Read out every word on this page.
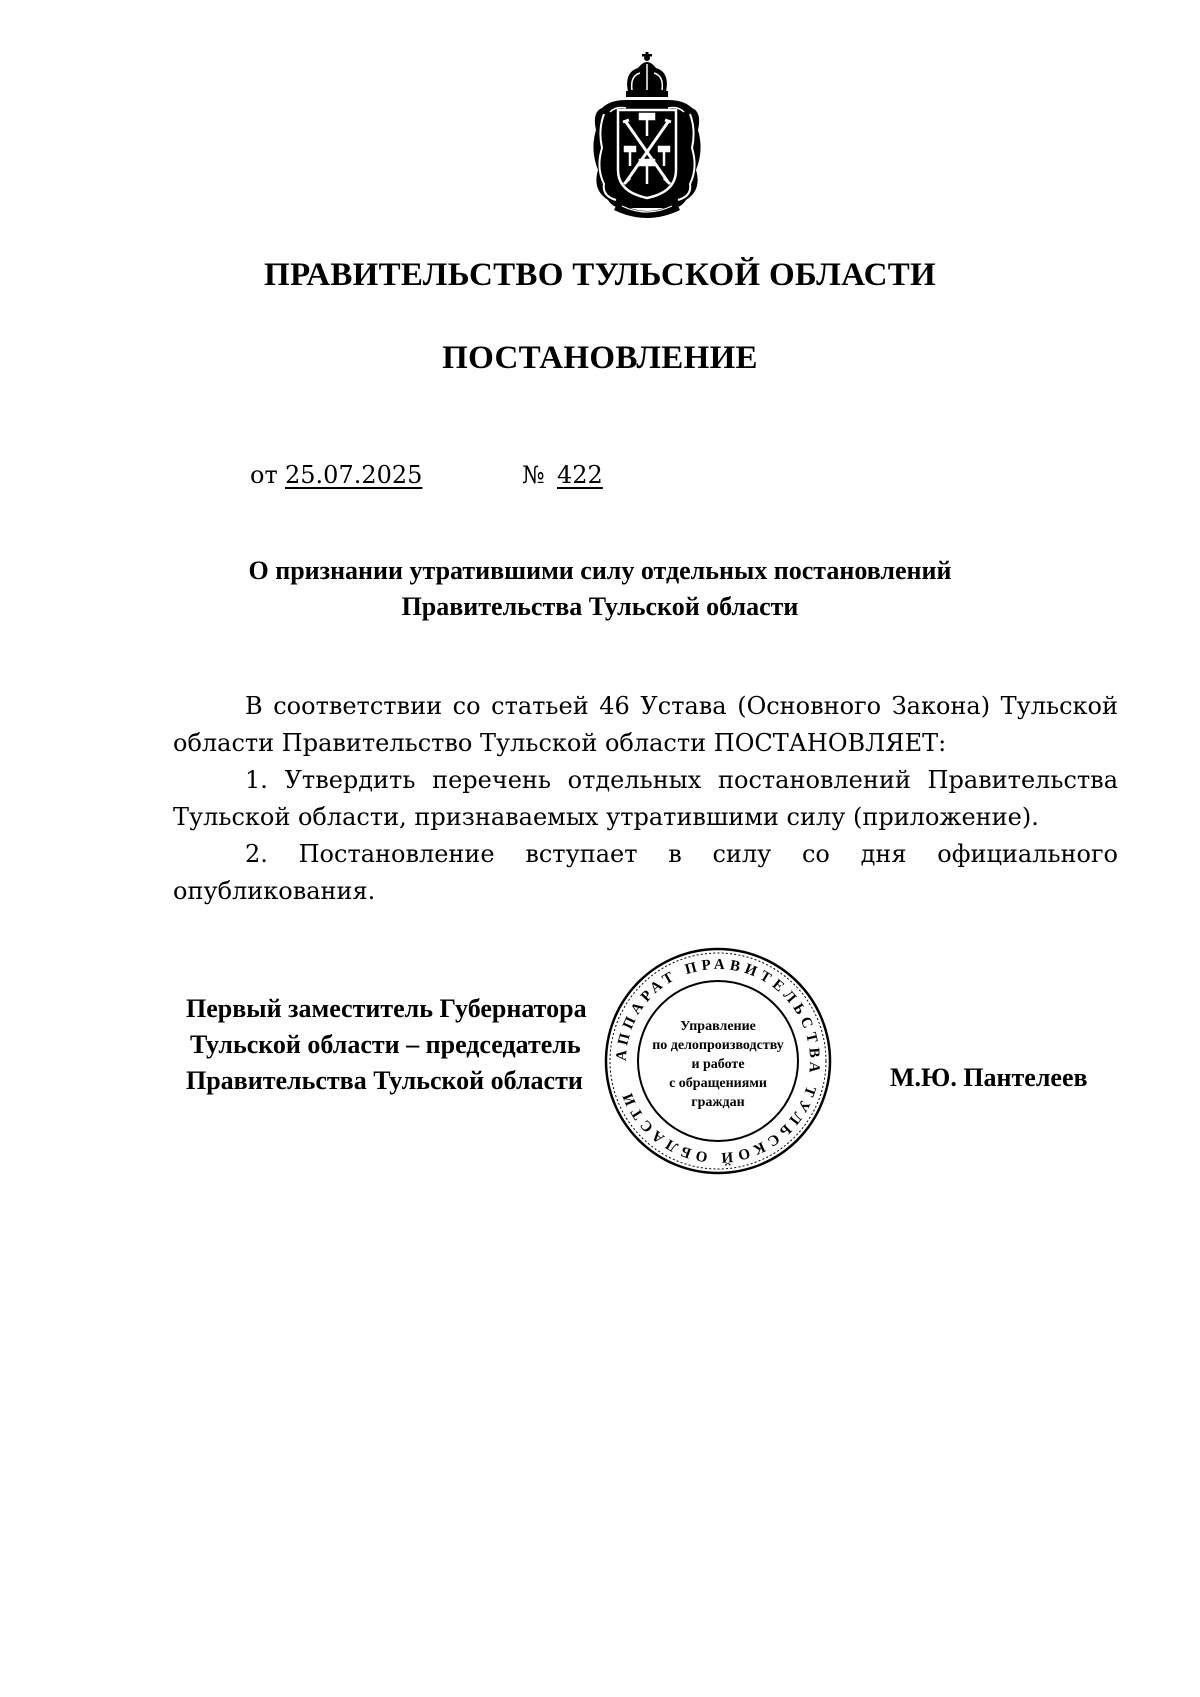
ПРАВИТЕЛЬСТВО ТУЛЬСКОЙ ОБЛАСТИ
ПОСТАНОВЛЕНИЕ
от 25.07.2025	№ 422
О признании утратившими силу отдельных постановлений
Правительства Тульской области

В соответствии со статьей 46 Устава (Основного Закона) Тульской области Правительство Тульской области ПОСТАНОВЛЯЕТ:

1. Утвердить перечень отдельных постановлений Правительства Тульской области, признаваемых утратившими силу (приложение).

2. Постановление вступает в силу со дня официального опубликования.

Первый заместитель Губернатора
Тульской области – председатель
Правительства Тульской области	М.Ю. Пантелеев
АППАРАТ ПРАВИТЕЛЬСТВА ТУЛЬСКОЙ ОБЛАСТИ
Управление
по делопроизводству
и работе
с обращениями
граждан
